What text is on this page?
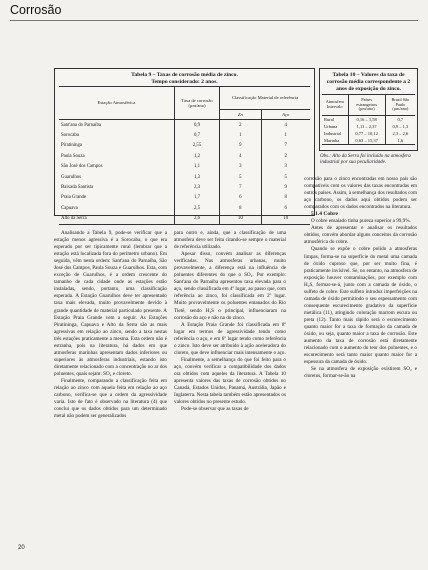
Corrosão
Tabela 9 – Taxas de corrosão média de zinco.
Tempo considerado: 2 anos.
Estação Atmosférica	Taxa de corrosão (μm/ano)	Classificação Material de referência	
		Zn	Aço
Sant'ana do Parnaíba	0,9	2	4
Sorocaba	0,7	1	1
Piratininga	2,55	9	7
Paula Souza	1,2	4	2
São José dos Campos	1,1	3	3
Guarulhos	1,3	5	5
Baixada Santista	2,3	7	9
Praia Grande	1,7	6	8
Capuava	2,5	8	6
Alto da Serra	2,6	10	10
Tabela 10 – Valores da taxa de corrosão média correspondente a 2 anos de exposição do zinco.
Atmosfera Intervalo	Países estrangeiros (μm/ano)	Brasil São Paulo (μm/ano)
Rural	0,16 – 1,58	0,7
Urbana	1,11 – 2,37	0,9 – 1,3
Industrial	0,77 – 10,12	2,3 – 2,6
Marinha	0,63 – 15,37	1,6
Obs.: Alto da Serra foi incluído na atmosfera industrial por sua peculiaridade.

Analisando a Tabela 9, pode-se verificar que a estação menos agressiva é a Sorocaba, o que era esperado por ser tipicamente rural (lembrar que a estação está localizada fora do perímetro urbano). Em seguida, vêm nesta ordem: Sant'ana do Parnaíba, São José dos Campos, Paula Souza e Guarulhos. Esta, com exceção de Guarulhos, é a ordem crescente do tamanho de cada cidade onde as estações estão instaladas, sendo, portanto, uma classificação esperada. A Estação Guarulhos deve ter apresentado taxa mais elevada, muito provavelmente devido à grande quantidade de material particulado presente. A Estação Praia Grande vem a seguir. As Estações Piratininga, Capuava e Alto da Serra são as mais agressivas em relação ao zinco, sendo a taxa nestas três estações praticamente a mesma. Esta ordem não é estranha, pois na literatura, há dados em que atmosferas marinhas apresentam dados inferiores ou superiores às atmosferas industriais, estando isto diretamente relacionado com a concentração no ar dos poluentes, quais sejam: SO₂ e cloreto.

Finalmente, comparando a classificação feita em relação ao zinco com aquela feita em relação ao aço carbono, verifica-se que a ordem da agressividade varia. Isto de fato é observado na literatura (4) que conclui que os dados obtidos para um determinado metal não podem ser generalizados

para outro e, ainda, que a classificação de uma atmosfera deve ser feita citando-se sempre o material de referência utilizado.

Apesar disso, convém analisar as diferenças verificadas. Nas atmosferas urbanas, muito provavelmente, a diferença está na influência de poluentes diferentes do que o SO₂. Por exemplo: Sant'ana do Parnaíba apresentou taxa elevada para o aço, sendo classificada em 4º lugar, ao passo que, com referência ao zinco, foi classificada em 2º lugar. Muito provavelmente os poluentes emanados do Rio Tietê, sendo H₂S o principal, influenciaram na corrosão do aço e não na do zinco.

A Estação Praia Grande foi classificada em 8º lugar em termos de agressividade tendo como referência o aço, e em 6º lugar tendo como referência o zinco. Isto deve ser atribuído à ação aceleradora do cloreto, que deve influenciar mais intensamente o aço.

Finalmente, a semelhança do que foi feito para o aço, convém verificar a compatibilidade dos dados ora obtidos com aqueles da literatura. A Tabela 10 apresenta valores das taxas de corrosão obtidos no Canadá, Estados Unidos, Panamá, Austrália, Japão e Inglaterra. Nesta tabela também estão apresentados os valores obtidos no presente estudo.

Pode-se observar que as taxas de

corrosão para o zinco encontradas em nosso país são compatíveis com os valores das taxas encontradas em outros países. Assim, à semelhança dos resultados com aço carbono, os dados aqui obtidos podem ser comparados com os dados encontrados na literatura.

5.1.4 Cobre

O cobre ensaiado tinha pureza superior a 99,9%.

Antes de apresentar e analisar os resultados obtidos, convém abordar alguns conceitos da corrosão atmosférica do cobre.

Quando se expõe o cobre polido a atmosferas limpas, forma-se na superfície do metal uma camada de óxido cuproso que, por ser muito fina, é praticamente invisível. Se, no entanto, na atmosfera de exposição houver contaminações, por exemplo com H₂S, formar-se-á, junto com a camada de óxido, o sulfeto de cobre. Este sulfeto introduz imperfeições na camada de óxido permitindo o seu espessamento com consequente escurecimento gradativo da superfície metálica (11), atingindo coloração marrom escura ou preta (12). Tanto mais rápido será o escurecimento quanto maior for a taxa de formação da camada de óxido, ou seja, quanto maior a taxa de corrosão. Este aumento da taxa de corrosão está diretamente relacionado com o aumento do teor dos poluentes, e o escurecimento será tanto maior quanto maior for a espessura da camada de óxido.

Se na atmosfera de exposição existirem SO₂ e cloretos, formar-se-ão na

20
